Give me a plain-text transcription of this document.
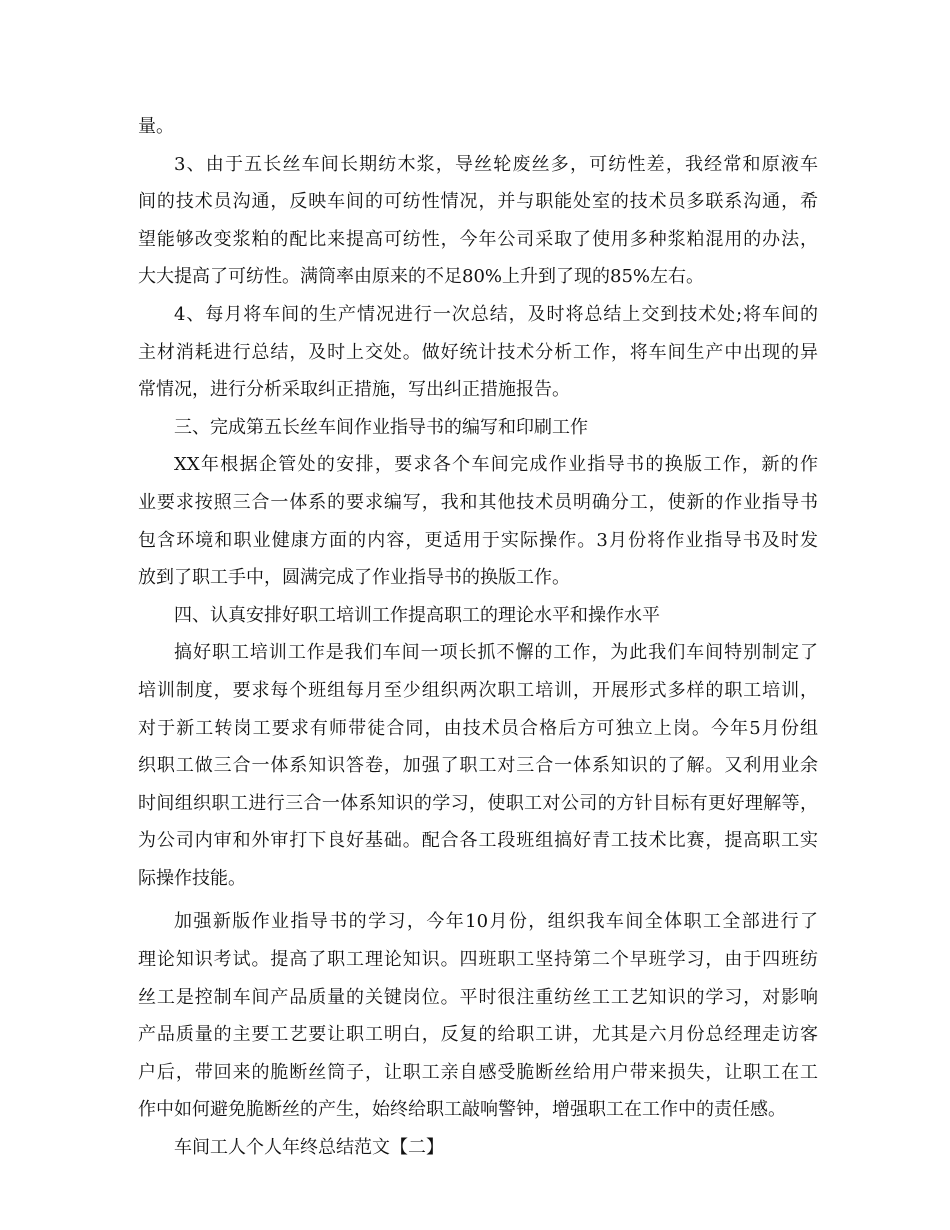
量。
3、由于五长丝车间长期纺木浆，导丝轮废丝多，可纺性差，我经常和原液车
间的技术员沟通，反映车间的可纺性情况，并与职能处室的技术员多联系沟通，希
望能够改变浆粕的配比来提高可纺性，今年公司采取了使用多种浆粕混用的办法，
大大提高了可纺性。满筒率由原来的不足80%上升到了现的85%左右。
4、每月将车间的生产情况进行一次总结，及时将总结上交到技术处;将车间的
主材消耗进行总结，及时上交处。做好统计技术分析工作，将车间生产中出现的异
常情况，进行分析采取纠正措施，写出纠正措施报告。
三、完成第五长丝车间作业指导书的编写和印刷工作
XX年根据企管处的安排，要求各个车间完成作业指导书的换版工作，新的作
业要求按照三合一体系的要求编写，我和其他技术员明确分工，使新的作业指导书
包含环境和职业健康方面的内容，更适用于实际操作。3月份将作业指导书及时发
放到了职工手中，圆满完成了作业指导书的换版工作。
四、认真安排好职工培训工作提高职工的理论水平和操作水平
搞好职工培训工作是我们车间一项长抓不懈的工作，为此我们车间特别制定了
培训制度，要求每个班组每月至少组织两次职工培训，开展形式多样的职工培训，
对于新工转岗工要求有师带徒合同，由技术员合格后方可独立上岗。今年5月份组
织职工做三合一体系知识答卷，加强了职工对三合一体系知识的了解。又利用业余
时间组织职工进行三合一体系知识的学习，使职工对公司的方针目标有更好理解等，
为公司内审和外审打下良好基础。配合各工段班组搞好青工技术比赛，提高职工实
际操作技能。
加强新版作业指导书的学习，今年10月份，组织我车间全体职工全部进行了
理论知识考试。提高了职工理论知识。四班职工坚持第二个早班学习，由于四班纺
丝工是控制车间产品质量的关键岗位。平时很注重纺丝工工艺知识的学习，对影响
产品质量的主要工艺要让职工明白，反复的给职工讲，尤其是六月份总经理走访客
户后，带回来的脆断丝筒子，让职工亲自感受脆断丝给用户带来损失，让职工在工
作中如何避免脆断丝的产生，始终给职工敲响警钟，增强职工在工作中的责任感。
车间工人个人年终总结范文【二】
